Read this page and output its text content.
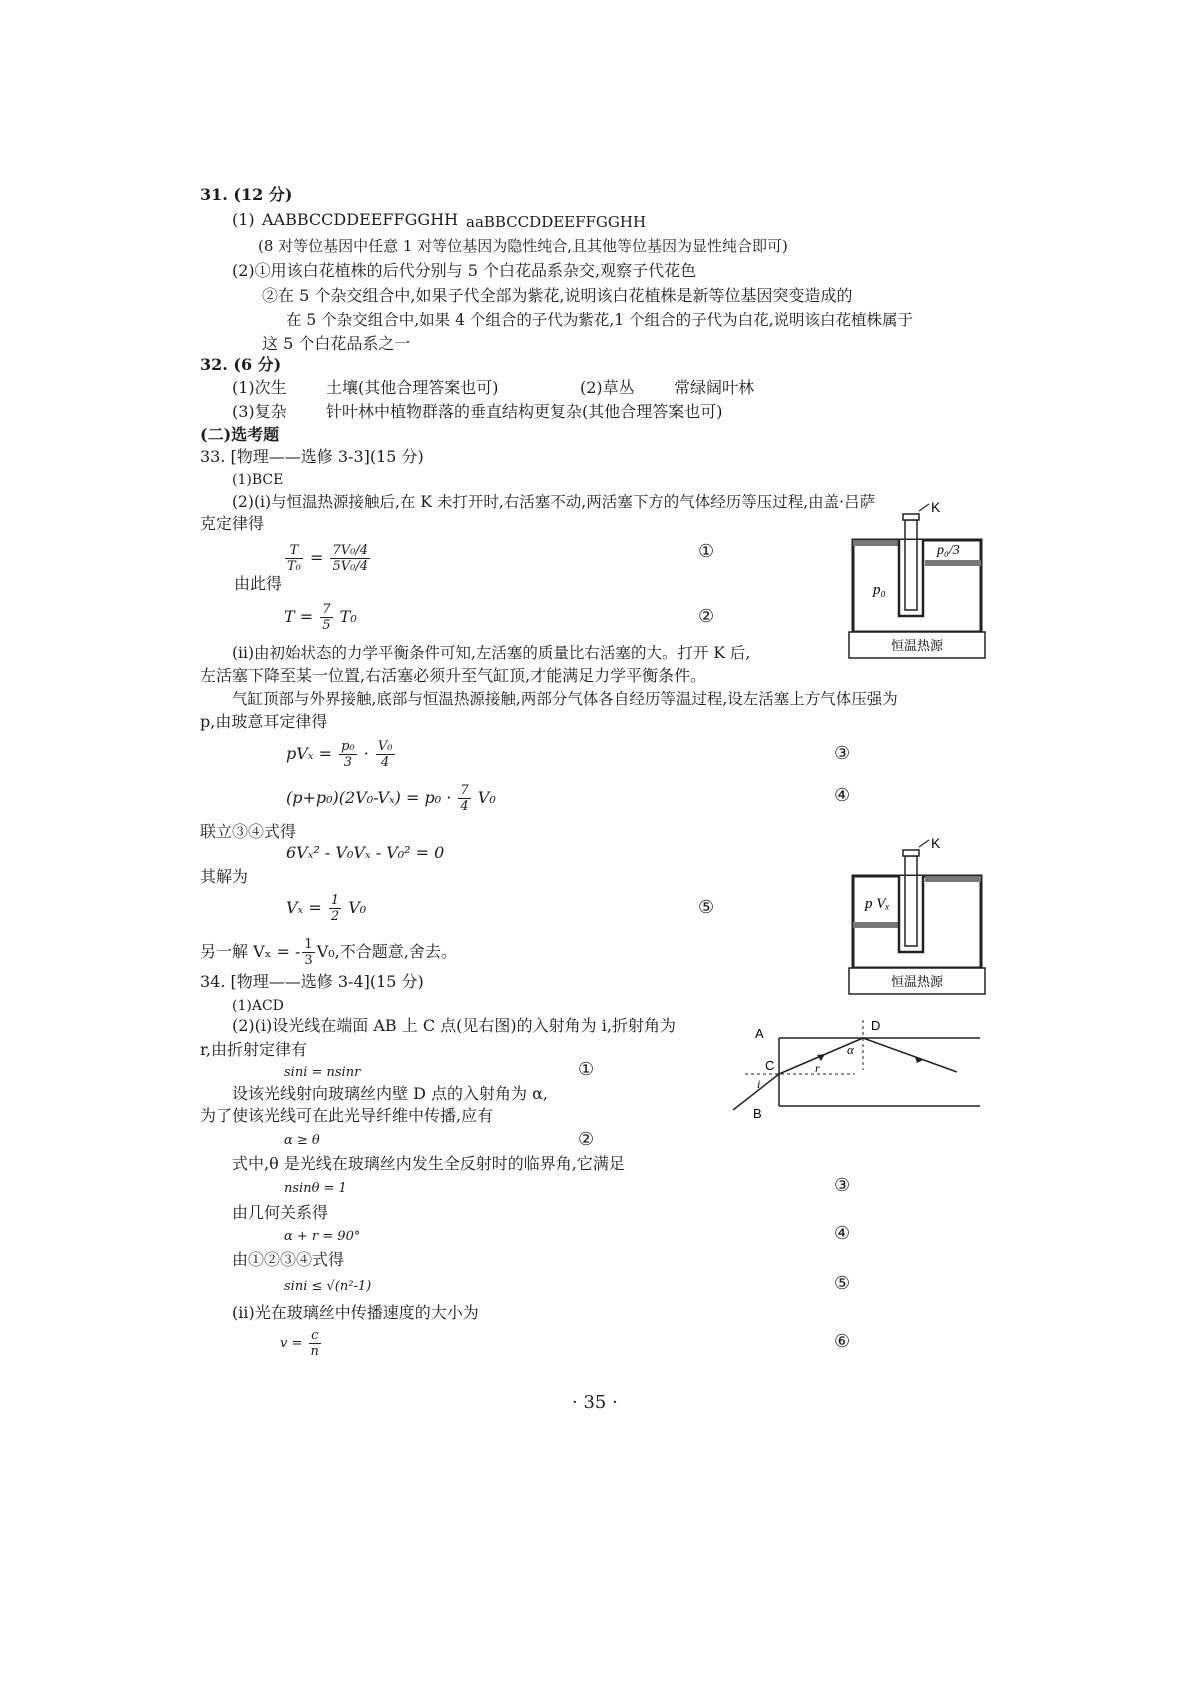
31. (12 分)
(1) AABBCCDDEEFFGGHH aaBBCCDDEEFFGGHH
(8 对等位基因中任意 1 对等位基因为隐性纯合,且其他等位基因为显性纯合即可)
(2)①用该白花植株的后代分别与 5 个白花品系杂交,观察子代花色
②在 5 个杂交组合中,如果子代全部为紫花,说明该白花植株是新等位基因突变造成的
在 5 个杂交组合中,如果 4 个组合的子代为紫花,1 个组合的子代为白花,说明该白花植株属于
这 5 个白花品系之一
32. (6 分)
(1)次生 土壤(其他合理答案也可)	(2)草丛 常绿阔叶林
(3)复杂 针叶林中植物群落的垂直结构更复杂(其他合理答案也可)
(二)选考题
33. [物理——选修 3-3](15 分)
(1)BCE
(2)(i)与恒温热源接触后,在 K 未打开时,右活塞不动,两活塞下方的气体经历等压过程,由盖·吕萨
克定律得
$\frac{T}{\text{T₀}} = \frac{\text{7V₀/4}}{\text{5V₀/4}}$	①
由此得
$T = \frac{7}{5} T_0$	②
(ii)由初始状态的力学平衡条件可知,左活塞的质量比右活塞的大。打开 K 后,
左活塞下降至某一位置,右活塞必须升至气缸顶,才能满足力学平衡条件。
气缸顶部与外界接触,底部与恒温热源接触,两部分气体各自经历等温过程,设左活塞上方气体压强为
p,由玻意耳定律得
$pV_x = \frac{\text{p₀}}{3} \cdot \frac{\text{V₀}}{4}$	③
$(p+p_0)(2V_0-V_x) = p_0 \cdot \frac{7}{4} V_0$	④
联立③④式得
6Vₓ² - V₀Vₓ - V₀² = 0
其解为
$V_x = \frac{1}{2} V_0$	⑤
另一解 Vₓ = - $\frac{1}{3} V_0$,不合题意,舍去。
K
p₀/3
p₀
恒温热源
K
p Vₓ
恒温热源
34. [物理——选修 3-4](15 分)
(1)ACD
(2)(i)设光线在端面 AB 上 C 点(见右图)的入射角为 i,折射角为
r,由折射定律有
sini = nsinr	①
设该光线射向玻璃丝内壁 D 点的入射角为 α,
为了使该光线可在此光导纤维中传播,应有
α ≥ θ	②
式中,θ 是光线在玻璃丝内发生全反射时的临界角,它满足
nsinθ = 1	③
由几何关系得
α + r = 90°	④
由①②③④式得
sini ≤ √(n²-1)	⑤
(ii)光在玻璃丝中传播速度的大小为
$v = \frac{c}{n}$	⑥
A
B
C
D
α
i
r
· 35 ·
